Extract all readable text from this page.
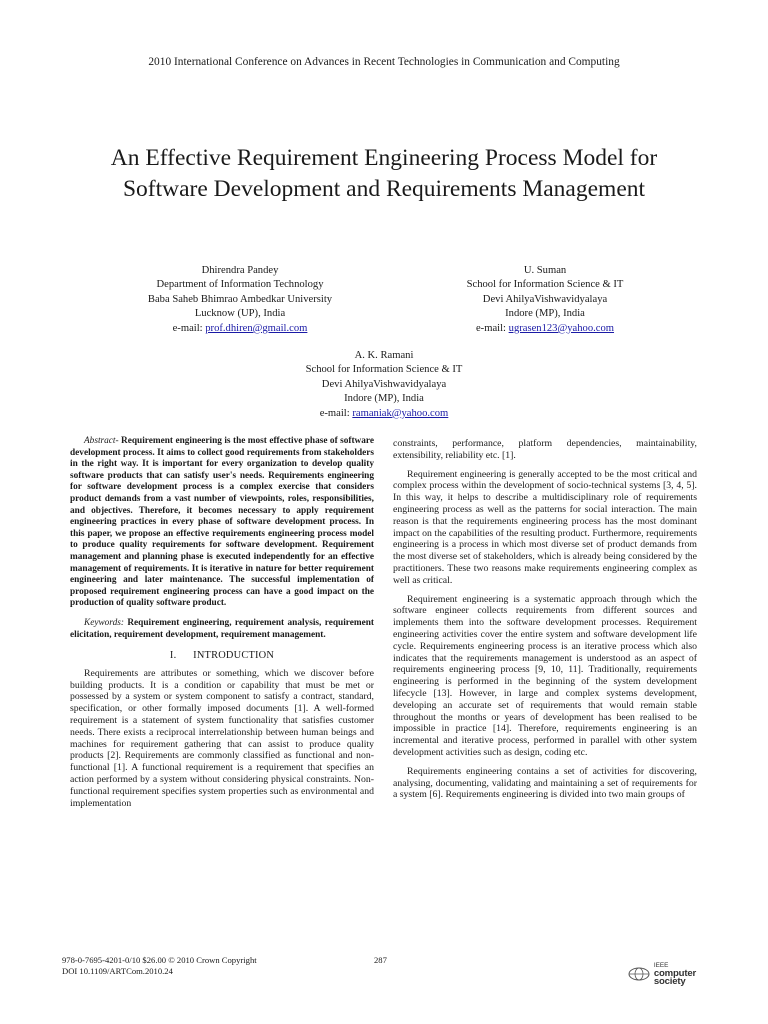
2010 International Conference on Advances in Recent Technologies in Communication and Computing
An Effective Requirement Engineering Process Model for Software Development and Requirements Management
Dhirendra Pandey
Department of Information Technology
Baba Saheb Bhimrao Ambedkar University
Lucknow (UP), India
e-mail: prof.dhiren@gmail.com
U. Suman
School for Information Science & IT
Devi AhilyaVishwavidyalaya
Indore (MP), India
e-mail: ugrasen123@yahoo.com
A. K. Ramani
School for Information Science & IT
Devi AhilyaVishwavidyalaya
Indore (MP), India
e-mail: ramaniak@yahoo.com

Abstract- Requirement engineering is the most effective phase of software development process. It aims to collect good requirements from stakeholders in the right way. It is important for every organization to develop quality software products that can satisfy user's needs. Requirements engineering for software development process is a complex exercise that considers product demands from a vast number of viewpoints, roles, responsibilities, and objectives. Therefore, it becomes necessary to apply requirement engineering practices in every phase of software development process. In this paper, we propose an effective requirements engineering process model to produce quality requirements for software development. Requirement management and planning phase is executed independently for an effective management of requirements. It is iterative in nature for better requirement engineering and later maintenance. The successful implementation of proposed requirement engineering process can have a good impact on the production of quality software product.

Keywords: Requirement engineering, requirement analysis, requirement elicitation, requirement development, requirement management.

I. INTRODUCTION

Requirements are attributes or something, which we discover before building products. It is a condition or capability that must be met or possessed by a system or system component to satisfy a contract, standard, specification, or other formally imposed documents [1]. A well-formed requirement is a statement of system functionality that satisfies customer needs. There exists a reciprocal interrelationship between human beings and machines for requirement gathering that can assist to produce quality products [2]. Requirements are commonly classified as functional and non-functional [1]. A functional requirement is a requirement that specifies an action performed by a system without considering physical constraints. Non-functional requirement specifies system properties such as environmental and implementation

constraints, performance, platform dependencies, maintainability, extensibility, reliability etc. [1].

Requirement engineering is generally accepted to be the most critical and complex process within the development of socio-technical systems [3, 4, 5]. In this way, it helps to describe a multidisciplinary role of requirements engineering process as well as the patterns for social interaction. The main reason is that the requirements engineering process has the most dominant impact on the capabilities of the resulting product. Furthermore, requirements engineering is a process in which most diverse set of product demands from the most diverse set of stakeholders, which is already being considered by the practitioners. These two reasons make requirements engineering complex as well as critical.

Requirement engineering is a systematic approach through which the software engineer collects requirements from different sources and implements them into the software development processes. Requirement engineering activities cover the entire system and software development life cycle. Requirements engineering process is an iterative process which also indicates that the requirements management is understood as an aspect of requirements engineering process [9, 10, 11]. Traditionally, requirements engineering is performed in the beginning of the system development lifecycle [13]. However, in large and complex systems development, developing an accurate set of requirements that would remain stable throughout the months or years of development has been realised to be impossible in practice [14]. Therefore, requirements engineering is an incremental and iterative process, performed in parallel with other system development activities such as design, coding etc.

Requirements engineering contains a set of activities for discovering, analysing, documenting, validating and maintaining a set of requirements for a system [6]. Requirements engineering is divided into two main groups of

978-0-7695-4201-0/10 $26.00 © 2010 Crown Copyright
DOI 10.1109/ARTCom.2010.24
287
IEEE
computer
society
